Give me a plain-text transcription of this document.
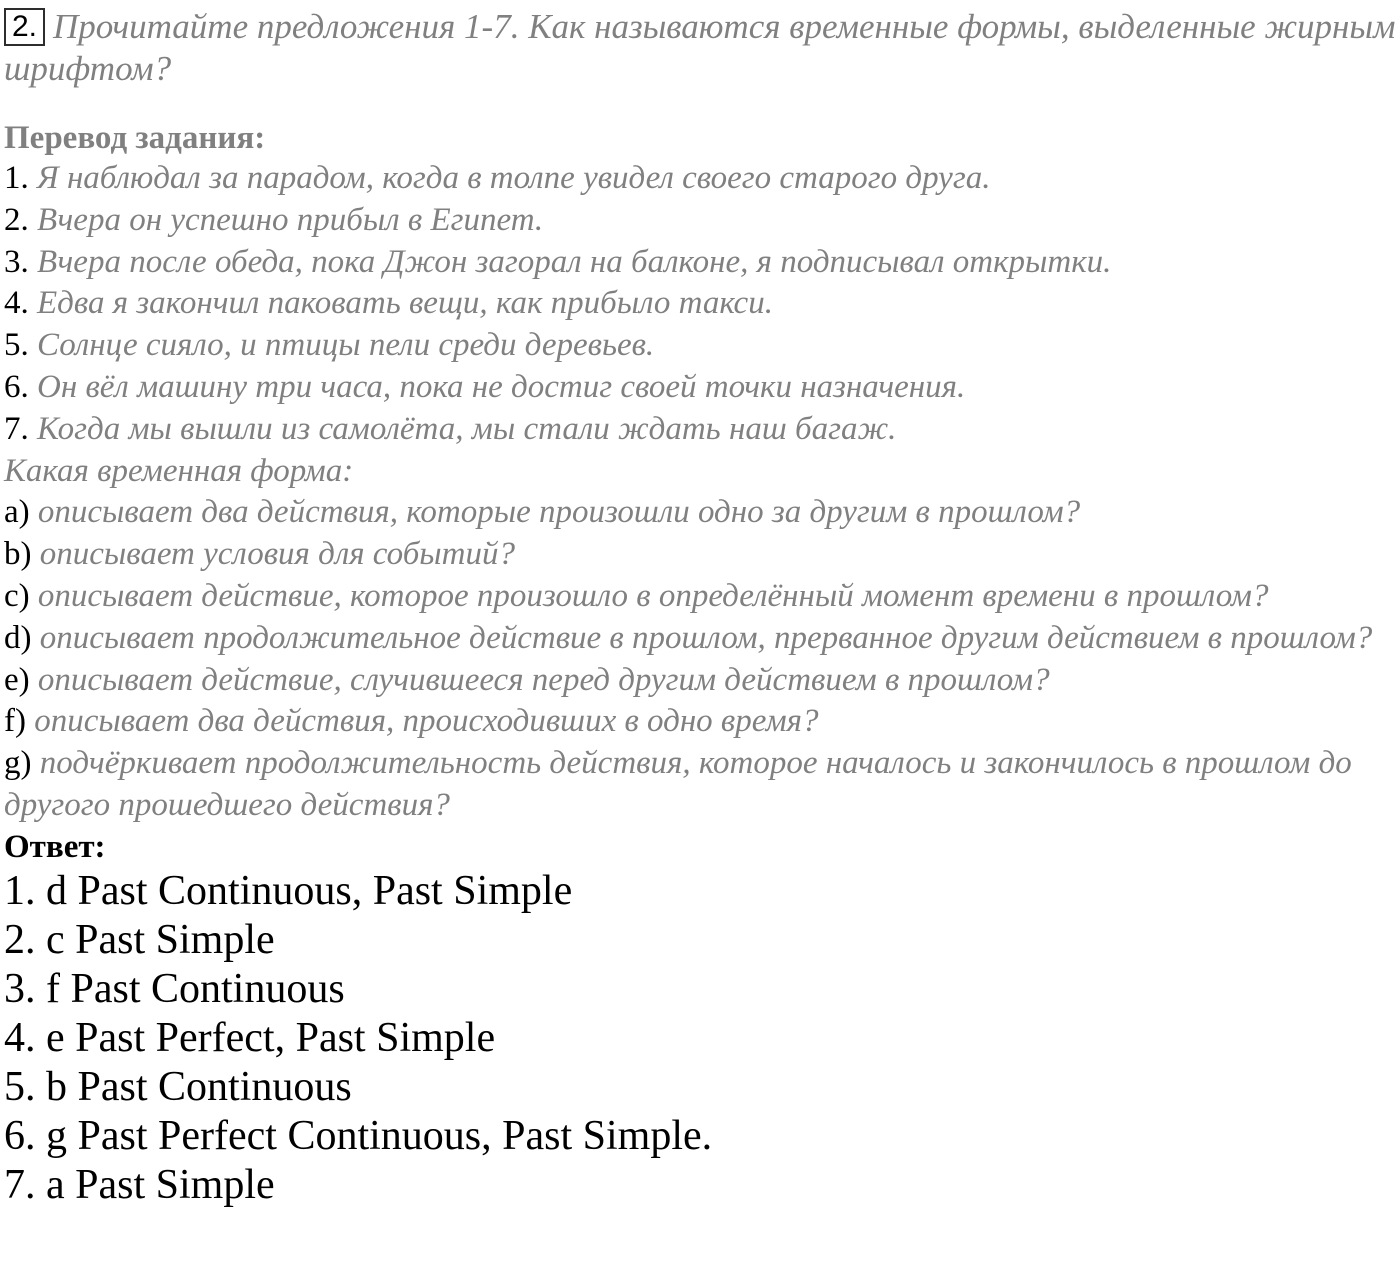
2. Прочитайте предложения 1-7. Как называются временные формы, выделенные жирным шрифтом?
Перевод задания:
1. Я наблюдал за парадом, когда в толпе увидел своего старого друга.
2. Вчера он успешно прибыл в Египет.
3. Вчера после обеда, пока Джон загорал на балконе, я подписывал открытки.
4. Едва я закончил паковать вещи, как прибыло такси.
5. Солнце сияло, и птицы пели среди деревьев.
6. Он вёл машину три часа, пока не достиг своей точки назначения.
7. Когда мы вышли из самолёта, мы стали ждать наш багаж.
Какая временная форма:
a) описывает два действия, которые произошли одно за другим в прошлом?
b) описывает условия для событий?
c) описывает действие, которое произошло в определённый момент времени в прошлом?
d) описывает продолжительное действие в прошлом, прерванное другим действием в прошлом?
e) описывает действие, случившееся перед другим действием в прошлом?
f) описывает два действия, происходивших в одно время?
g) подчёркивает продолжительность действия, которое началось и закончилось в прошлом до другого прошедшего действия?
Ответ:
1. d Past Continuous, Past Simple
2. c Past Simple
3. f Past Continuous
4. e Past Perfect, Past Simple
5. b Past Continuous
6. g Past Perfect Continuous, Past Simple.
7. a Past Simple
